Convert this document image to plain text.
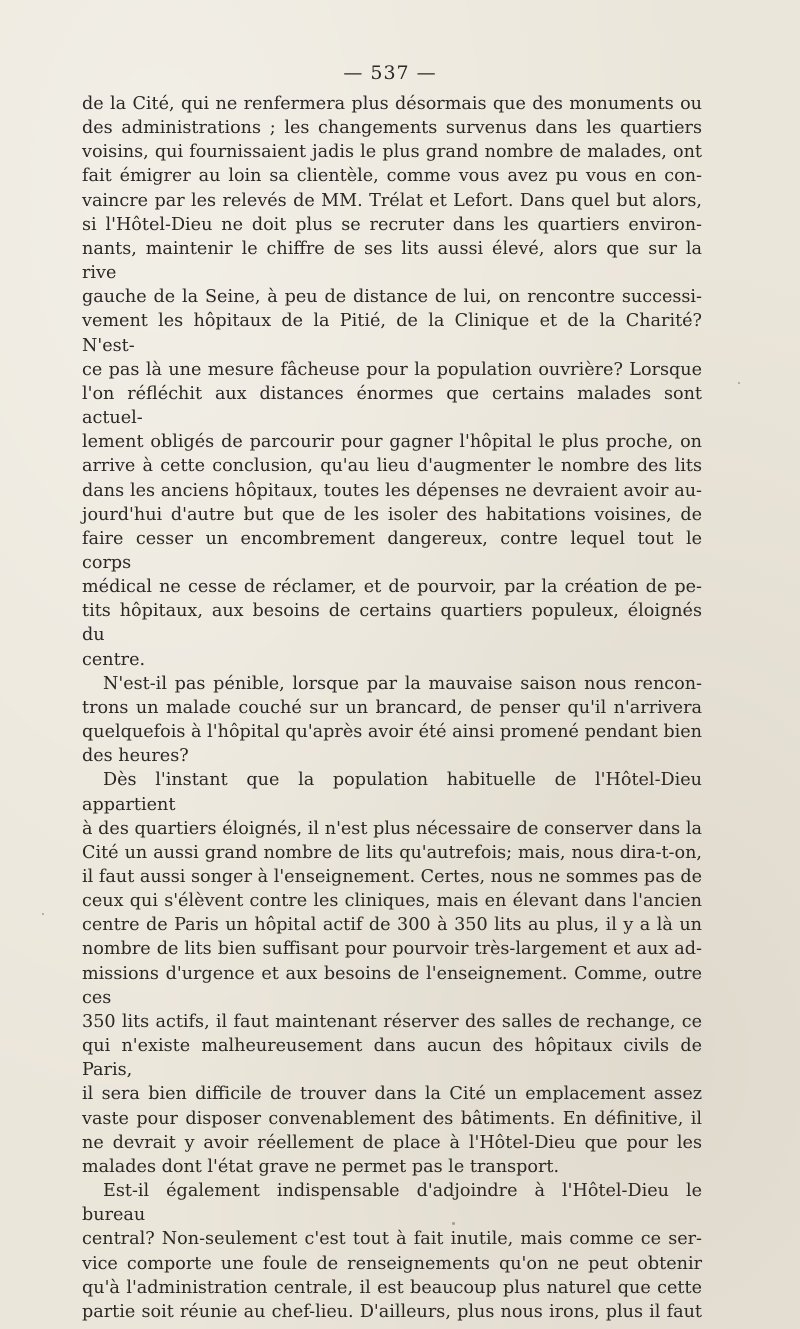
— 537 —

de la Cité, qui ne renfermera plus désormais que des monuments ou

des administrations ; les changements survenus dans les quartiers

voisins, qui fournissaient jadis le plus grand nombre de malades, ont

fait émigrer au loin sa clientèle, comme vous avez pu vous en con-

vaincre par les relevés de MM. Trélat et Lefort. Dans quel but alors,

si l'Hôtel-Dieu ne doit plus se recruter dans les quartiers environ-

nants, maintenir le chiffre de ses lits aussi élevé, alors que sur la rive

gauche de la Seine, à peu de distance de lui, on rencontre successi-

vement les hôpitaux de la Pitié, de la Clinique et de la Charité? N'est-

ce pas là une mesure fâcheuse pour la population ouvrière? Lorsque

l'on réfléchit aux distances énormes que certains malades sont actuel-

lement obligés de parcourir pour gagner l'hôpital le plus proche, on

arrive à cette conclusion, qu'au lieu d'augmenter le nombre des lits

dans les anciens hôpitaux, toutes les dépenses ne devraient avoir au-

jourd'hui d'autre but que de les isoler des habitations voisines, de

faire cesser un encombrement dangereux, contre lequel tout le corps

médical ne cesse de réclamer, et de pourvoir, par la création de pe-

tits hôpitaux, aux besoins de certains quartiers populeux, éloignés du

centre.

N'est-il pas pénible, lorsque par la mauvaise saison nous rencon-

trons un malade couché sur un brancard, de penser qu'il n'arrivera

quelquefois à l'hôpital qu'après avoir été ainsi promené pendant bien

des heures?

Dès l'instant que la population habituelle de l'Hôtel-Dieu appartient

à des quartiers éloignés, il n'est plus nécessaire de conserver dans la

Cité un aussi grand nombre de lits qu'autrefois; mais, nous dira-t-on,

il faut aussi songer à l'enseignement. Certes, nous ne sommes pas de

ceux qui s'élèvent contre les cliniques, mais en élevant dans l'ancien

centre de Paris un hôpital actif de 300 à 350 lits au plus, il y a là un

nombre de lits bien suffisant pour pourvoir très-largement et aux ad-

missions d'urgence et aux besoins de l'enseignement. Comme, outre ces

350 lits actifs, il faut maintenant réserver des salles de rechange, ce

qui n'existe malheureusement dans aucun des hôpitaux civils de Paris,

il sera bien difficile de trouver dans la Cité un emplacement assez

vaste pour disposer convenablement des bâtiments. En définitive, il

ne devrait y avoir réellement de place à l'Hôtel-Dieu que pour les

malades dont l'état grave ne permet pas le transport.

Est-il également indispensable d'adjoindre à l'Hôtel-Dieu le bureau

central? Non-seulement c'est tout à fait inutile, mais comme ce ser-

vice comporte une foule de renseignements qu'on ne peut obtenir

qu'à l'administration centrale, il est beaucoup plus naturel que cette

partie soit réunie au chef-lieu. D'ailleurs, plus nous irons, plus il faut
